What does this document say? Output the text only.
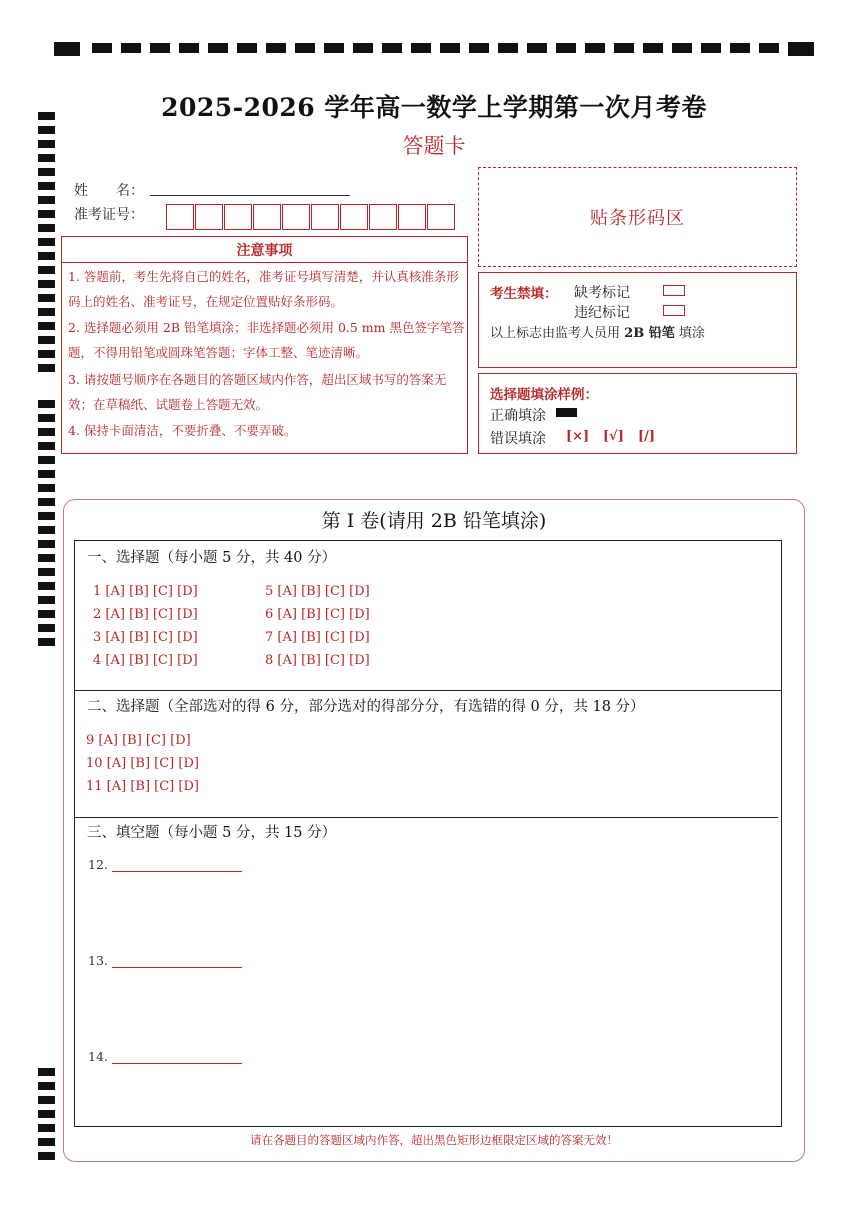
2025-2026 学年高一数学上学期第一次月考卷
答题卡
姓　　名：
准考证号：	贴条形码区
注意事项
1. 答题前，考生先将自己的姓名，准考证号填写清楚，并认真核准条形码上的姓名、准考证号，在规定位置贴好条形码。
2. 选择题必须用 2B 铅笔填涂；非选择题必须用 0.5 mm 黑色签字笔答题，不得用铅笔或圆珠笔答题；字体工整、笔迹清晰。
3. 请按题号顺序在各题目的答题区域内作答，超出区域书写的答案无效；在草稿纸、试题卷上答题无效。
4. 保持卡面清洁，不要折叠、不要弄破。
考生禁填： 缺考标记
违纪标记
以上标志由监考人员用 2B 铅笔 填涂
选择题填涂样例：
正确填涂
错误填涂 [×] [√] [/]
第 I 卷(请用 2B 铅笔填涂)
一、选择题（每小题 5 分，共 40 分）
1 [A] [B] [C] [D]
2 [A] [B] [C] [D]
3 [A] [B] [C] [D]
4 [A] [B] [C] [D]
5 [A] [B] [C] [D]
6 [A] [B] [C] [D]
7 [A] [B] [C] [D]
8 [A] [B] [C] [D]
二、选择题（全部选对的得 6 分，部分选对的得部分分，有选错的得 0 分，共 18 分）
9 [A] [B] [C] [D]
10 [A] [B] [C] [D]
11 [A] [B] [C] [D]
三、填空题（每小题 5 分，共 15 分）
12.
13.
14.
请在各题目的答题区域内作答，超出黑色矩形边框限定区域的答案无效！
